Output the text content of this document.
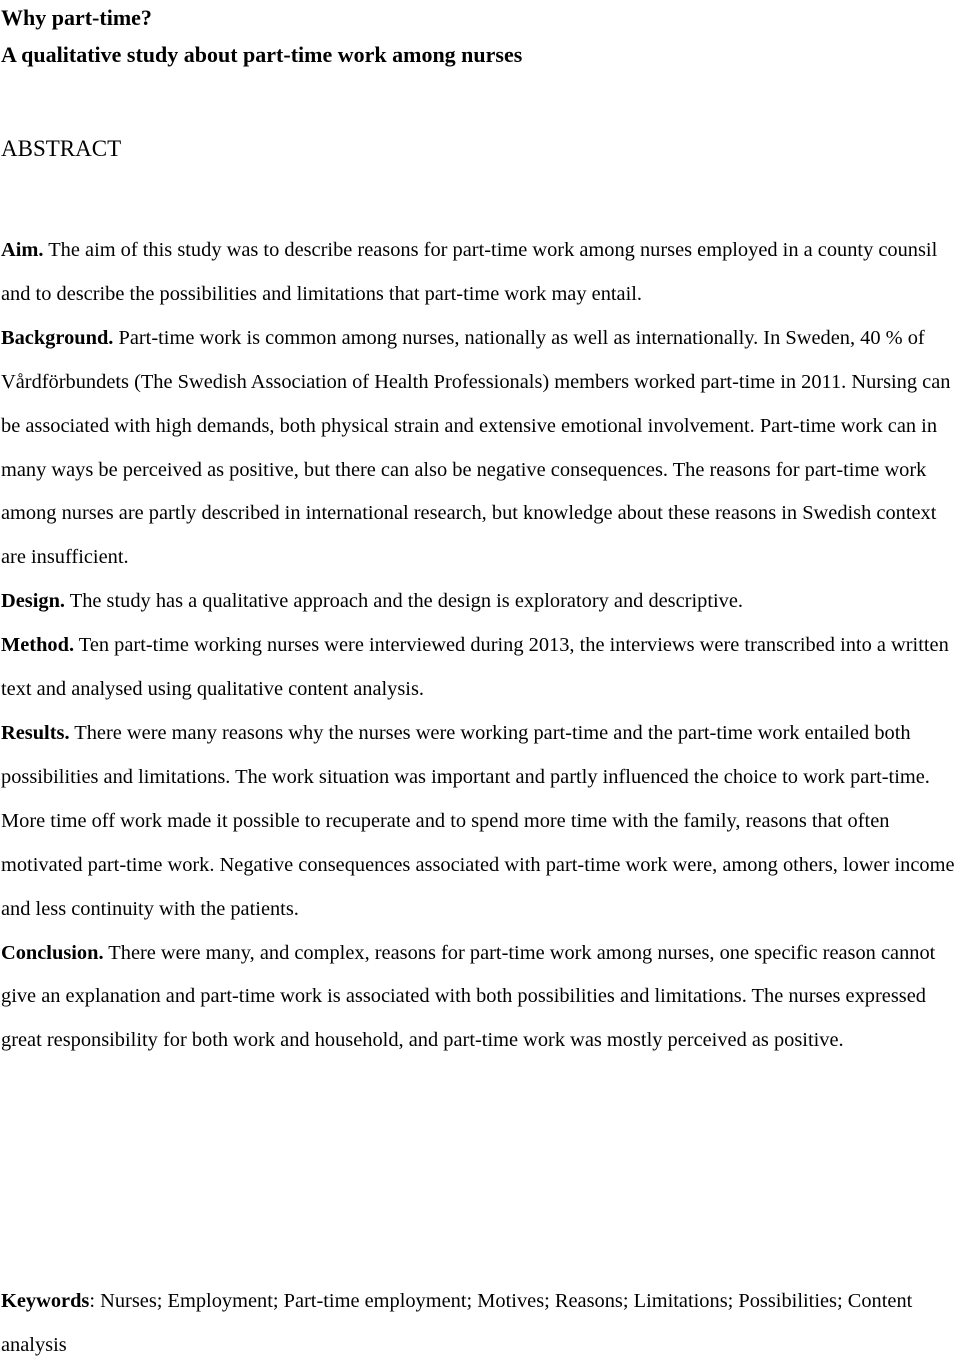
Why part-time?
A qualitative study about part-time work among nurses
ABSTRACT

Aim. The aim of this study was to describe reasons for part-time work among nurses employed in a county counsil and to describe the possibilities and limitations that part-time work may entail.

Background. Part-time work is common among nurses, nationally as well as internationally. In Sweden, 40 % of Vårdförbundets (The Swedish Association of Health Professionals) members worked part-time in 2011. Nursing can be associated with high demands, both physical strain and extensive emotional involvement. Part-time work can in many ways be perceived as positive, but there can also be negative consequences. The reasons for part-time work among nurses are partly described in international research, but knowledge about these reasons in Swedish context are insufficient.

Design. The study has a qualitative approach and the design is exploratory and descriptive.

Method. Ten part-time working nurses were interviewed during 2013, the interviews were transcribed into a written text and analysed using qualitative content analysis.

Results. There were many reasons why the nurses were working part-time and the part-time work entailed both possibilities and limitations. The work situation was important and partly influenced the choice to work part-time. More time off work made it possible to recuperate and to spend more time with the family, reasons that often motivated part-time work. Negative consequences associated with part-time work were, among others, lower income and less continuity with the patients.

Conclusion. There were many, and complex, reasons for part-time work among nurses, one specific reason cannot give an explanation and part-time work is associated with both possibilities and limitations. The nurses expressed great responsibility for both work and household, and part-time work was mostly perceived as positive.

Keywords: Nurses; Employment; Part-time employment; Motives; Reasons; Limitations; Possibilities; Content analysis
